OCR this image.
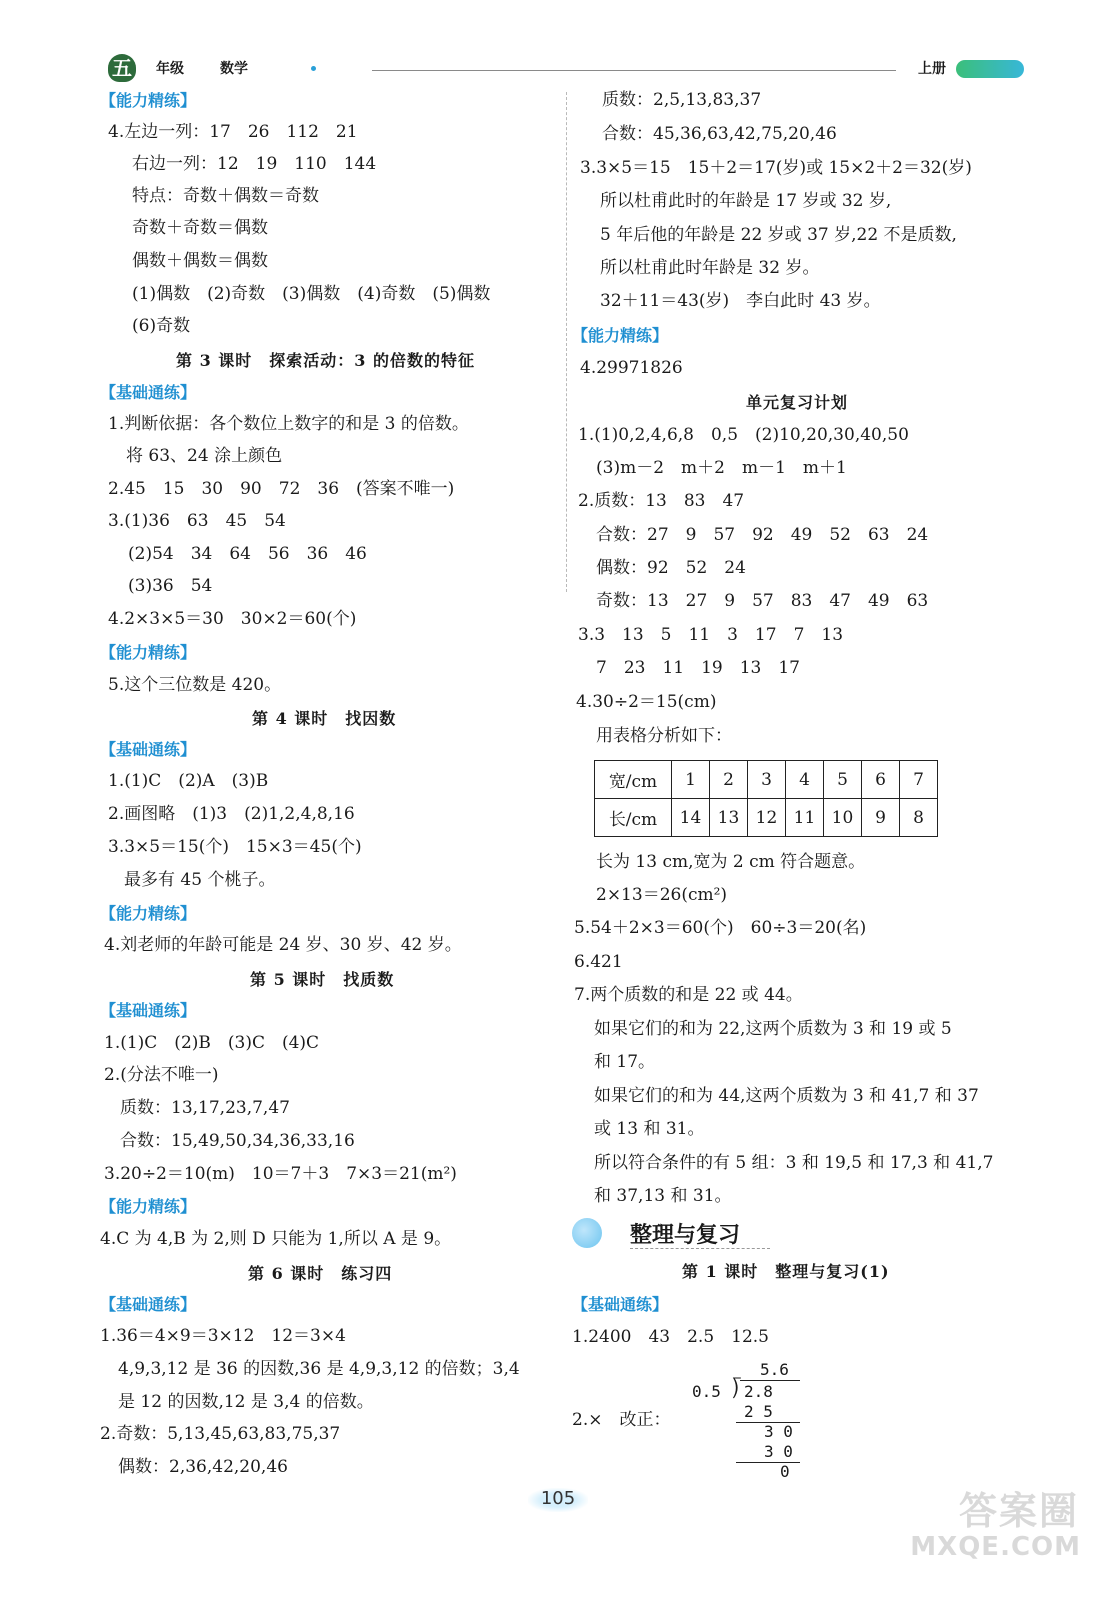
五 年级	数学	上册
【能力精练】
4.左边一列：17　26　112　21
右边一列：12　19　110　144
特点：奇数＋偶数＝奇数
奇数＋奇数＝偶数
偶数＋偶数＝偶数
(1)偶数　(2)奇数　(3)偶数　(4)奇数　(5)偶数
(6)奇数
第 3 课时　探索活动：3 的倍数的特征
【基础通练】
1.判断依据：各个数位上数字的和是 3 的倍数。
将 63、24 涂上颜色
2.45　15　30　90　72　36　(答案不唯一)
3.(1)36　63　45　54
(2)54　34　64　56　36　46
(3)36　54
4.2×3×5＝30　30×2＝60(个)
【能力精练】
5.这个三位数是 420。
第 4 课时　找因数
【基础通练】
1.(1)C　(2)A　(3)B
2.画图略　(1)3　(2)1,2,4,8,16
3.3×5＝15(个)　15×3＝45(个)
最多有 45 个桃子。
【能力精练】
4.刘老师的年龄可能是 24 岁、30 岁、42 岁。
第 5 课时　找质数
【基础通练】
1.(1)C　(2)B　(3)C　(4)C
2.(分法不唯一)
质数：13,17,23,7,47
合数：15,49,50,34,36,33,16
3.20÷2＝10(m)　10＝7＋3　7×3＝21(m²)
【能力精练】
4.C 为 4,B 为 2,则 D 只能为 1,所以 A 是 9。
第 6 课时　练习四
【基础通练】
1.36＝4×9＝3×12　12＝3×4
4,9,3,12 是 36 的因数,36 是 4,9,3,12 的倍数；3,4
是 12 的因数,12 是 3,4 的倍数。
2.奇数：5,13,45,63,83,75,37
偶数：2,36,42,20,46
质数：2,5,13,83,37
合数：45,36,63,42,75,20,46
3.3×5＝15　15＋2＝17(岁)或 15×2＋2＝32(岁)
所以杜甫此时的年龄是 17 岁或 32 岁,
5 年后他的年龄是 22 岁或 37 岁,22 不是质数,
所以杜甫此时年龄是 32 岁。
32＋11＝43(岁)　李白此时 43 岁。
【能力精练】
4.29971826
单元复习计划
1.(1)0,2,4,6,8　0,5　(2)10,20,30,40,50
(3)m－2　m＋2　m－1　m＋1
2.质数：13　83　47
合数：27　9　57　92　49　52　63　24
偶数：92　52　24
奇数：13　27　9　57　83　47　49　63
3.3　13　5　11　3　17　7　13
7　23　11　19　13　17
4.30÷2＝15(cm)
用表格分析如下：
宽/cm	1	2	3	4	5	6	7
长/cm	14	13	12	11	10	9	8
长为 13 cm,宽为 2 cm 符合题意。
2×13＝26(cm²)
5.54＋2×3＝60(个)　60÷3＝20(名)
6.421
7.两个质数的和是 22 或 44。
如果它们的和为 22,这两个质数为 3 和 19 或 5
和 17。
如果它们的和为 44,这两个质数为 3 和 41,7 和 37
或 13 和 31。
所以符合条件的有 5 组：3 和 19,5 和 17,3 和 41,7
和 37,13 和 31。
第 1 课时　整理与复习(1)
【基础通练】
1.2400　43　2.5　12.5
2.×　改正：
整理与复习
5.6
0.5 ⟌ 2.8
2 5
3 0
3 0
0
105	答案圈
MXQE.COM
